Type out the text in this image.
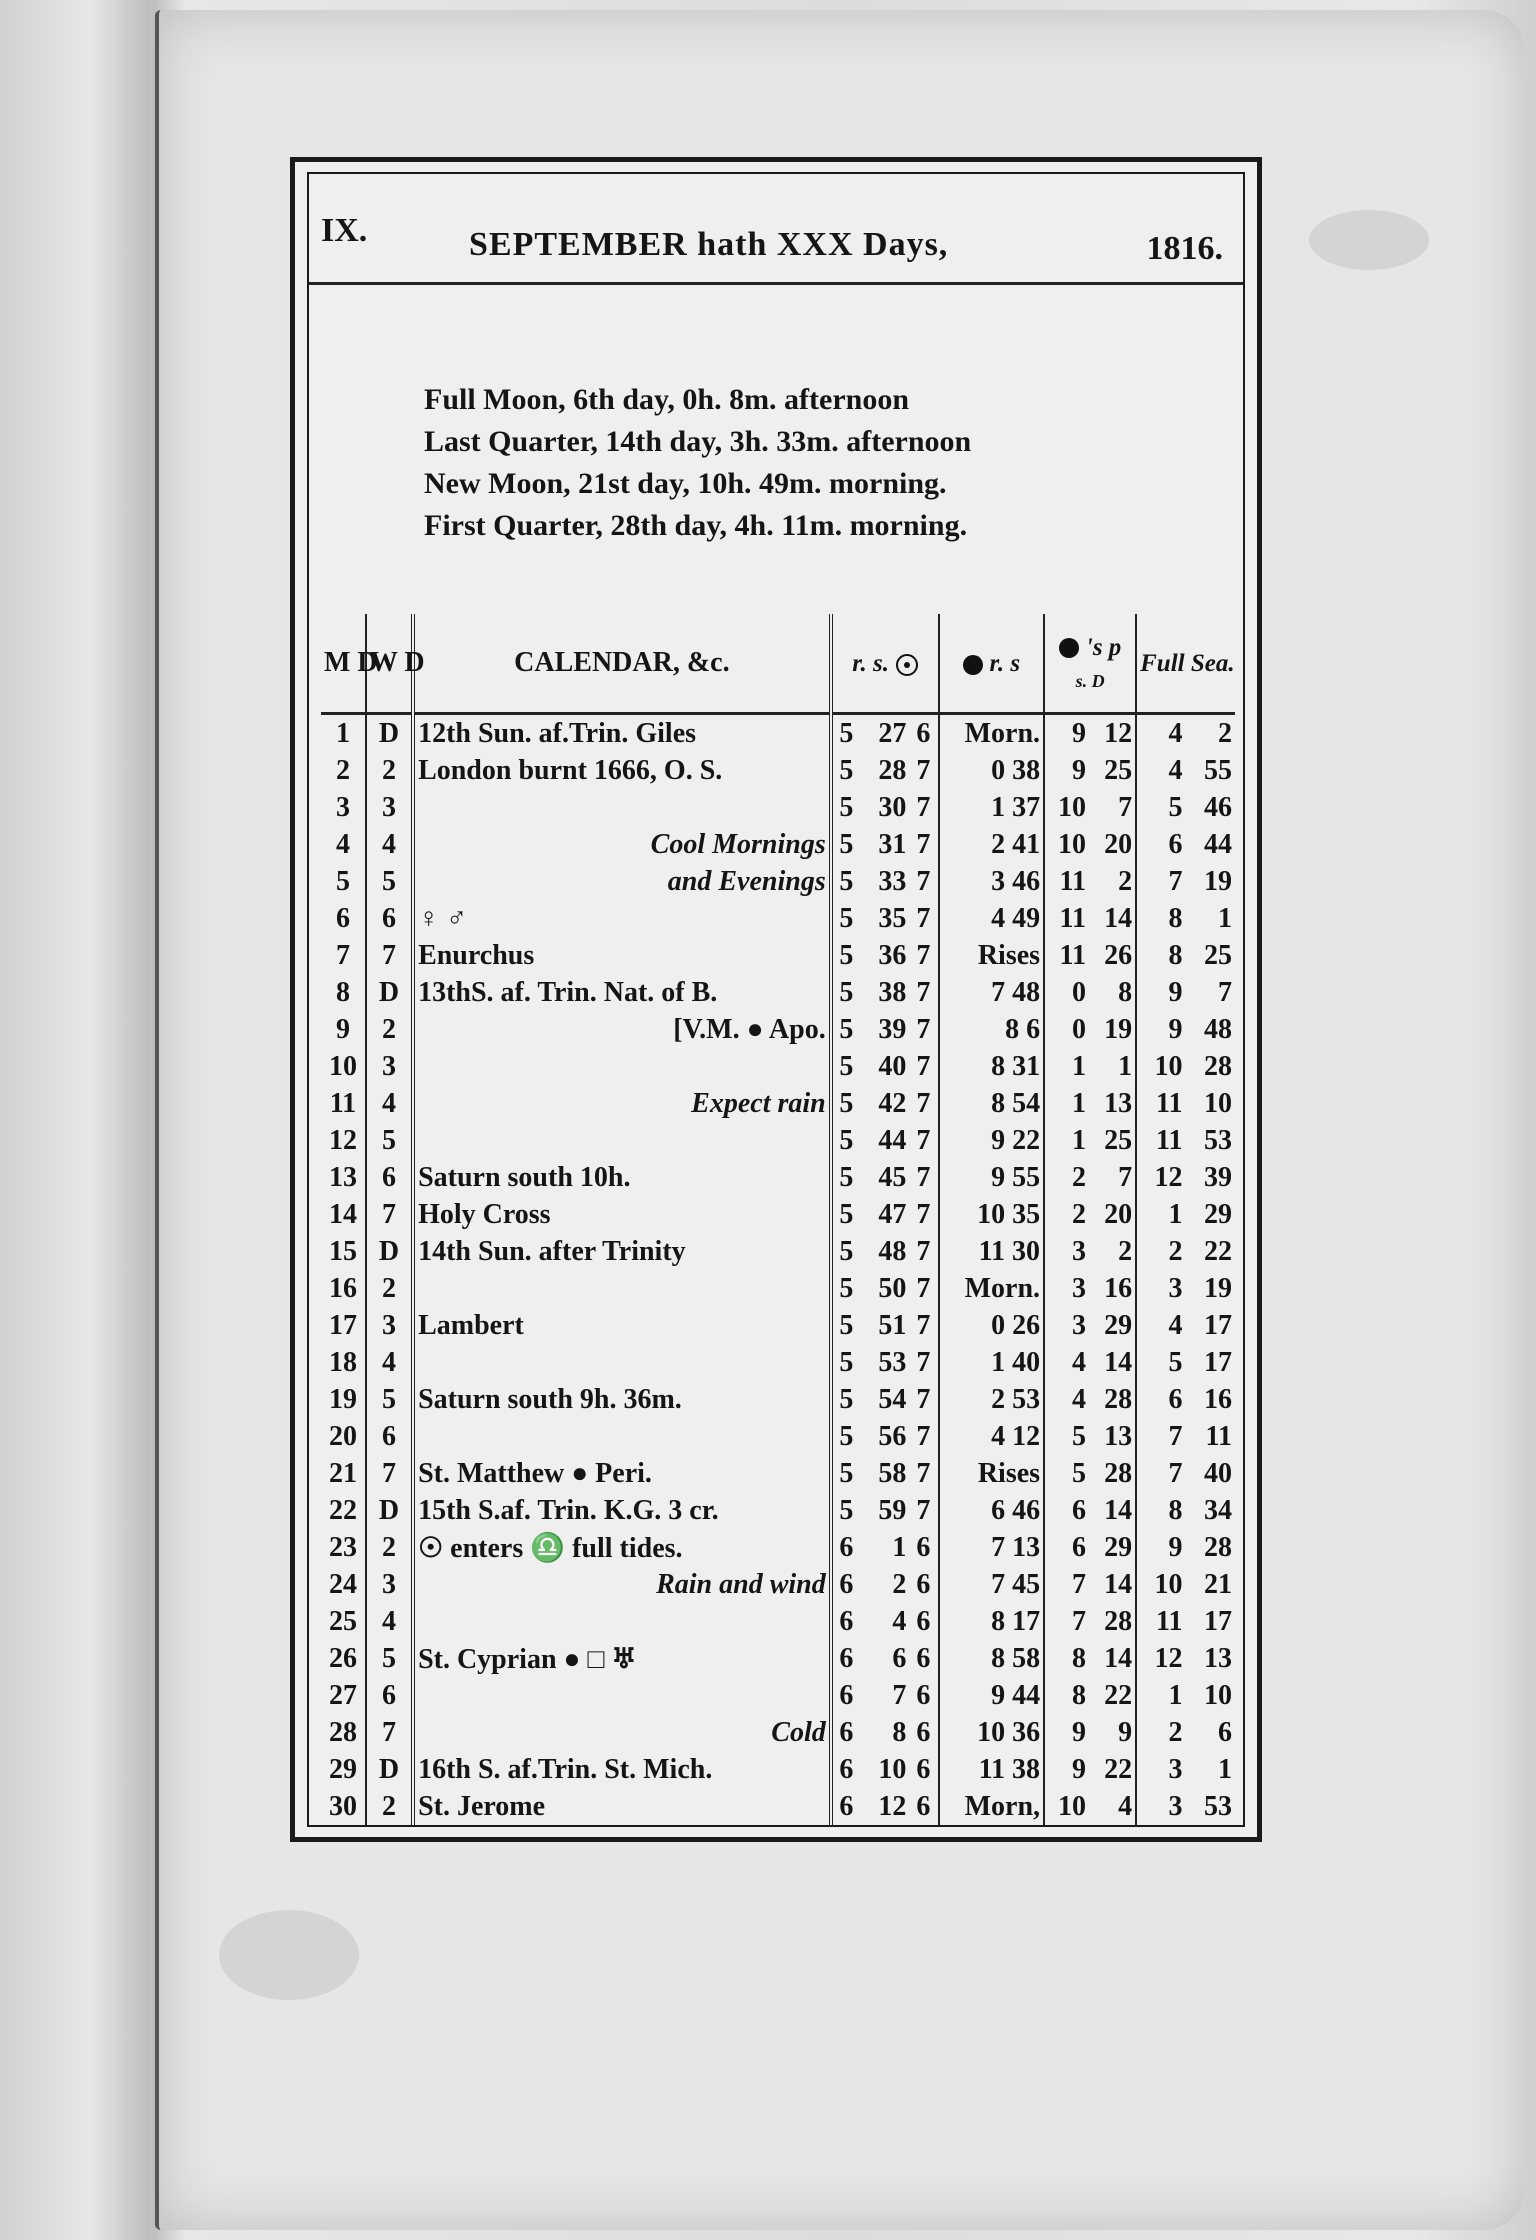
IX.	SEPTEMBER hath XXX Days,	1816.
Full Moon, 6th day, 0h. 8m. afternoon
Last Quarter, 14th day, 3h. 33m. afternoon
New Moon, 21st day, 10h. 49m. morning.
First Quarter, 28th day, 4h. 11m. morning.
M D	W D	CALENDAR, &c.	r. s.			r. s	's p
s. D		Full Sea.	
1	D	12th Sun. af.Trin. Giles	5	27	6	Morn.	9	12	4	2
2	2	London burnt 1666, O. S.	5	28	7	0 38	9	25	4	55
3	3		5	30	7	1 37	10	7	5	46
4	4	Cool Mornings	5	31	7	2 41	10	20	6	44
5	5	and Evenings	5	33	7	3 46	11	2	7	19
6	6	♀ ♂	5	35	7	4 49	11	14	8	1
7	7	Enurchus	5	36	7	Rises	11	26	8	25
8	D	13thS. af. Trin. Nat. of B.	5	38	7	7 48	0	8	9	7
9	2	[V.M. ● Apo.	5	39	7	8 6	0	19	9	48
10	3		5	40	7	8 31	1	1	10	28
11	4	Expect rain	5	42	7	8 54	1	13	11	10
12	5		5	44	7	9 22	1	25	11	53
13	6	Saturn south 10h.	5	45	7	9 55	2	7	12	39
14	7	Holy Cross	5	47	7	10 35	2	20	1	29
15	D	14th Sun. after Trinity	5	48	7	11 30	3	2	2	22
16	2		5	50	7	Morn.	3	16	3	19
17	3	Lambert	5	51	7	0 26	3	29	4	17
18	4		5	53	7	1 40	4	14	5	17
19	5	Saturn south 9h. 36m.	5	54	7	2 53	4	28	6	16
20	6		5	56	7	4 12	5	13	7	11
21	7	St. Matthew ● Peri.	5	58	7	Rises	5	28	7	40
22	D	15th S.af. Trin. K.G. 3 cr.	5	59	7	6 46	6	14	8	34
23	2	☉ enters ♎ full tides.	6	1	6	7 13	6	29	9	28
24	3	Rain and wind	6	2	6	7 45	7	14	10	21
25	4		6	4	6	8 17	7	28	11	17
26	5	St. Cyprian ● □ ♅	6	6	6	8 58	8	14	12	13
27	6		6	7	6	9 44	8	22	1	10
28	7	Cold	6	8	6	10 36	9	9	2	6
29	D	16th S. af.Trin. St. Mich.	6	10	6	11 38	9	22	3	1
30	2	St. Jerome	6	12	6	Morn,	10	4	3	53
